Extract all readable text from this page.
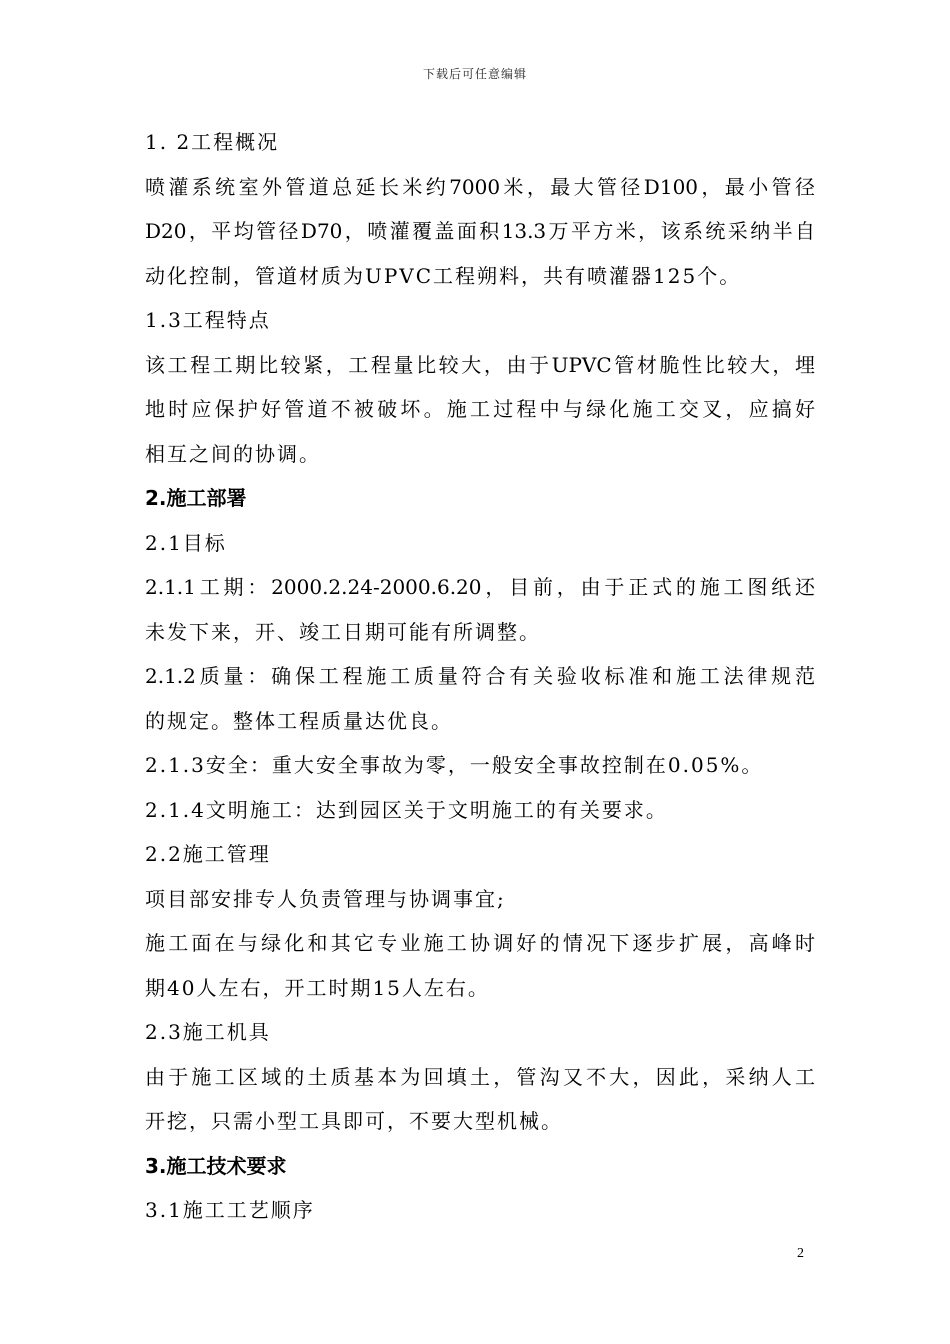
下载后可任意编辑
1. 2工程概况
喷灌系统室外管道总延长米约7000米，最大管径D100，最小管径
D20，平均管径D70，喷灌覆盖面积13.3万平方米，该系统采纳半自
动化控制，管道材质为UPVC工程朔料，共有喷灌器125个。
1.3工程特点
该工程工期比较紧，工程量比较大，由于UPVC管材脆性比较大，埋
地时应保护好管道不被破坏。施工过程中与绿化施工交叉，应搞好
相互之间的协调。
2.施工部署
2.1目标
2.1.1工期：2000.2.24-2000.6.20，目前，由于正式的施工图纸还
未发下来，开、竣工日期可能有所调整。
2.1.2质量：确保工程施工质量符合有关验收标准和施工法律规范
的规定。整体工程质量达优良。
2.1.3安全：重大安全事故为零，一般安全事故控制在0.05%。
2.1.4文明施工：达到园区关于文明施工的有关要求。
2.2施工管理
项目部安排专人负责管理与协调事宜;
施工面在与绿化和其它专业施工协调好的情况下逐步扩展，高峰时
期40人左右，开工时期15人左右。
2.3施工机具
由于施工区域的土质基本为回填土，管沟又不大，因此，采纳人工
开挖，只需小型工具即可，不要大型机械。
3.施工技术要求
3.1施工工艺顺序
2
